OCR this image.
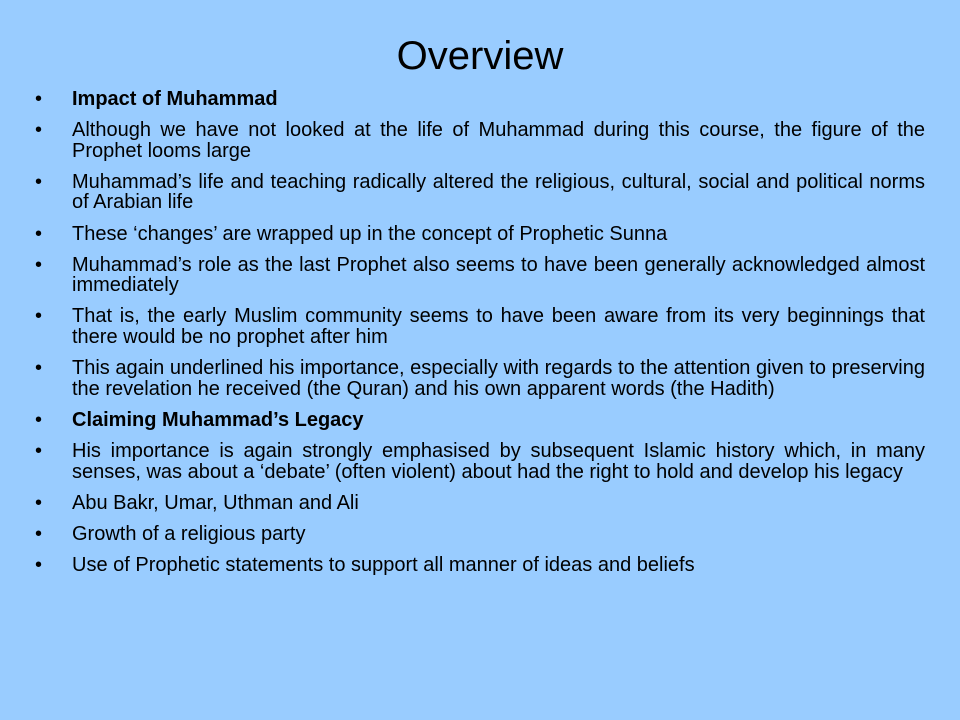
Overview
• Impact of Muhammad
• Although we have not looked at the life of Muhammad during this course, the figure of the Prophet looms large
• Muhammad’s life and teaching radically altered the religious, cultural, social and political norms of Arabian life
• These ‘changes’ are wrapped up in the concept of Prophetic Sunna
• Muhammad’s role as the last Prophet also seems to have been generally acknowledged almost immediately
• That is, the early Muslim community seems to have been aware from its very beginnings that there would be no prophet after him
• This again underlined his importance, especially with regards to the attention given to preserving the revelation he received (the Quran) and his own apparent words (the Hadith)
• Claiming Muhammad’s Legacy
• His importance is again strongly emphasised by subsequent Islamic history which, in many senses, was about a ‘debate’ (often violent) about had the right to hold and develop his legacy
• Abu Bakr, Umar, Uthman and Ali
• Growth of a religious party
• Use of Prophetic statements to support all manner of ideas and beliefs
